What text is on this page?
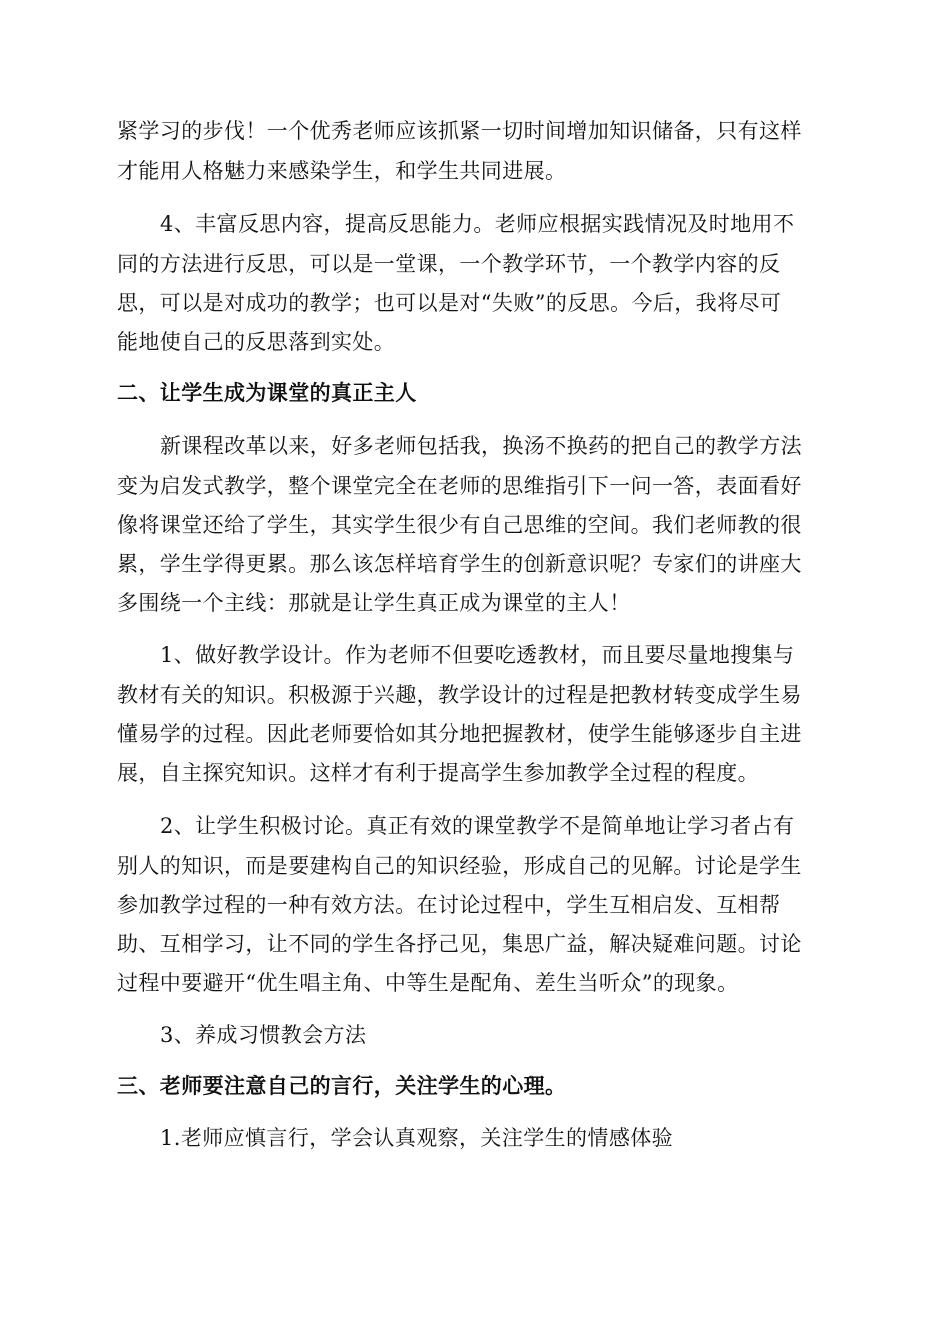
紧学习的步伐！一个优秀老师应该抓紧一切时间增加知识储备，只有这样
才能用人格魅力来感染学生，和学生共同进展。
4、丰富反思内容，提高反思能力。老师应根据实践情况及时地用不
同的方法进行反思，可以是一堂课，一个教学环节，一个教学内容的反
思，可以是对成功的教学；也可以是对“失败”的反思。今后，我将尽可
能地使自己的反思落到实处。
二、让学生成为课堂的真正主人
新课程改革以来，好多老师包括我，换汤不换药的把自己的教学方法
变为启发式教学，整个课堂完全在老师的思维指引下一问一答，表面看好
像将课堂还给了学生，其实学生很少有自己思维的空间。我们老师教的很
累，学生学得更累。那么该怎样培育学生的创新意识呢？专家们的讲座大
多围绕一个主线：那就是让学生真正成为课堂的主人！
1、做好教学设计。作为老师不但要吃透教材，而且要尽量地搜集与
教材有关的知识。积极源于兴趣，教学设计的过程是把教材转变成学生易
懂易学的过程。因此老师要恰如其分地把握教材，使学生能够逐步自主进
展，自主探究知识。这样才有利于提高学生参加教学全过程的程度。
2、让学生积极讨论。真正有效的课堂教学不是简单地让学习者占有
别人的知识，而是要建构自己的知识经验，形成自己的见解。讨论是学生
参加教学过程的一种有效方法。在讨论过程中，学生互相启发、互相帮
助、互相学习，让不同的学生各抒己见，集思广益，解决疑难问题。讨论
过程中要避开“优生唱主角、中等生是配角、差生当听众”的现象。
3、养成习惯教会方法
三、老师要注意自己的言行，关注学生的心理。
1.老师应慎言行，学会认真观察，关注学生的情感体验
